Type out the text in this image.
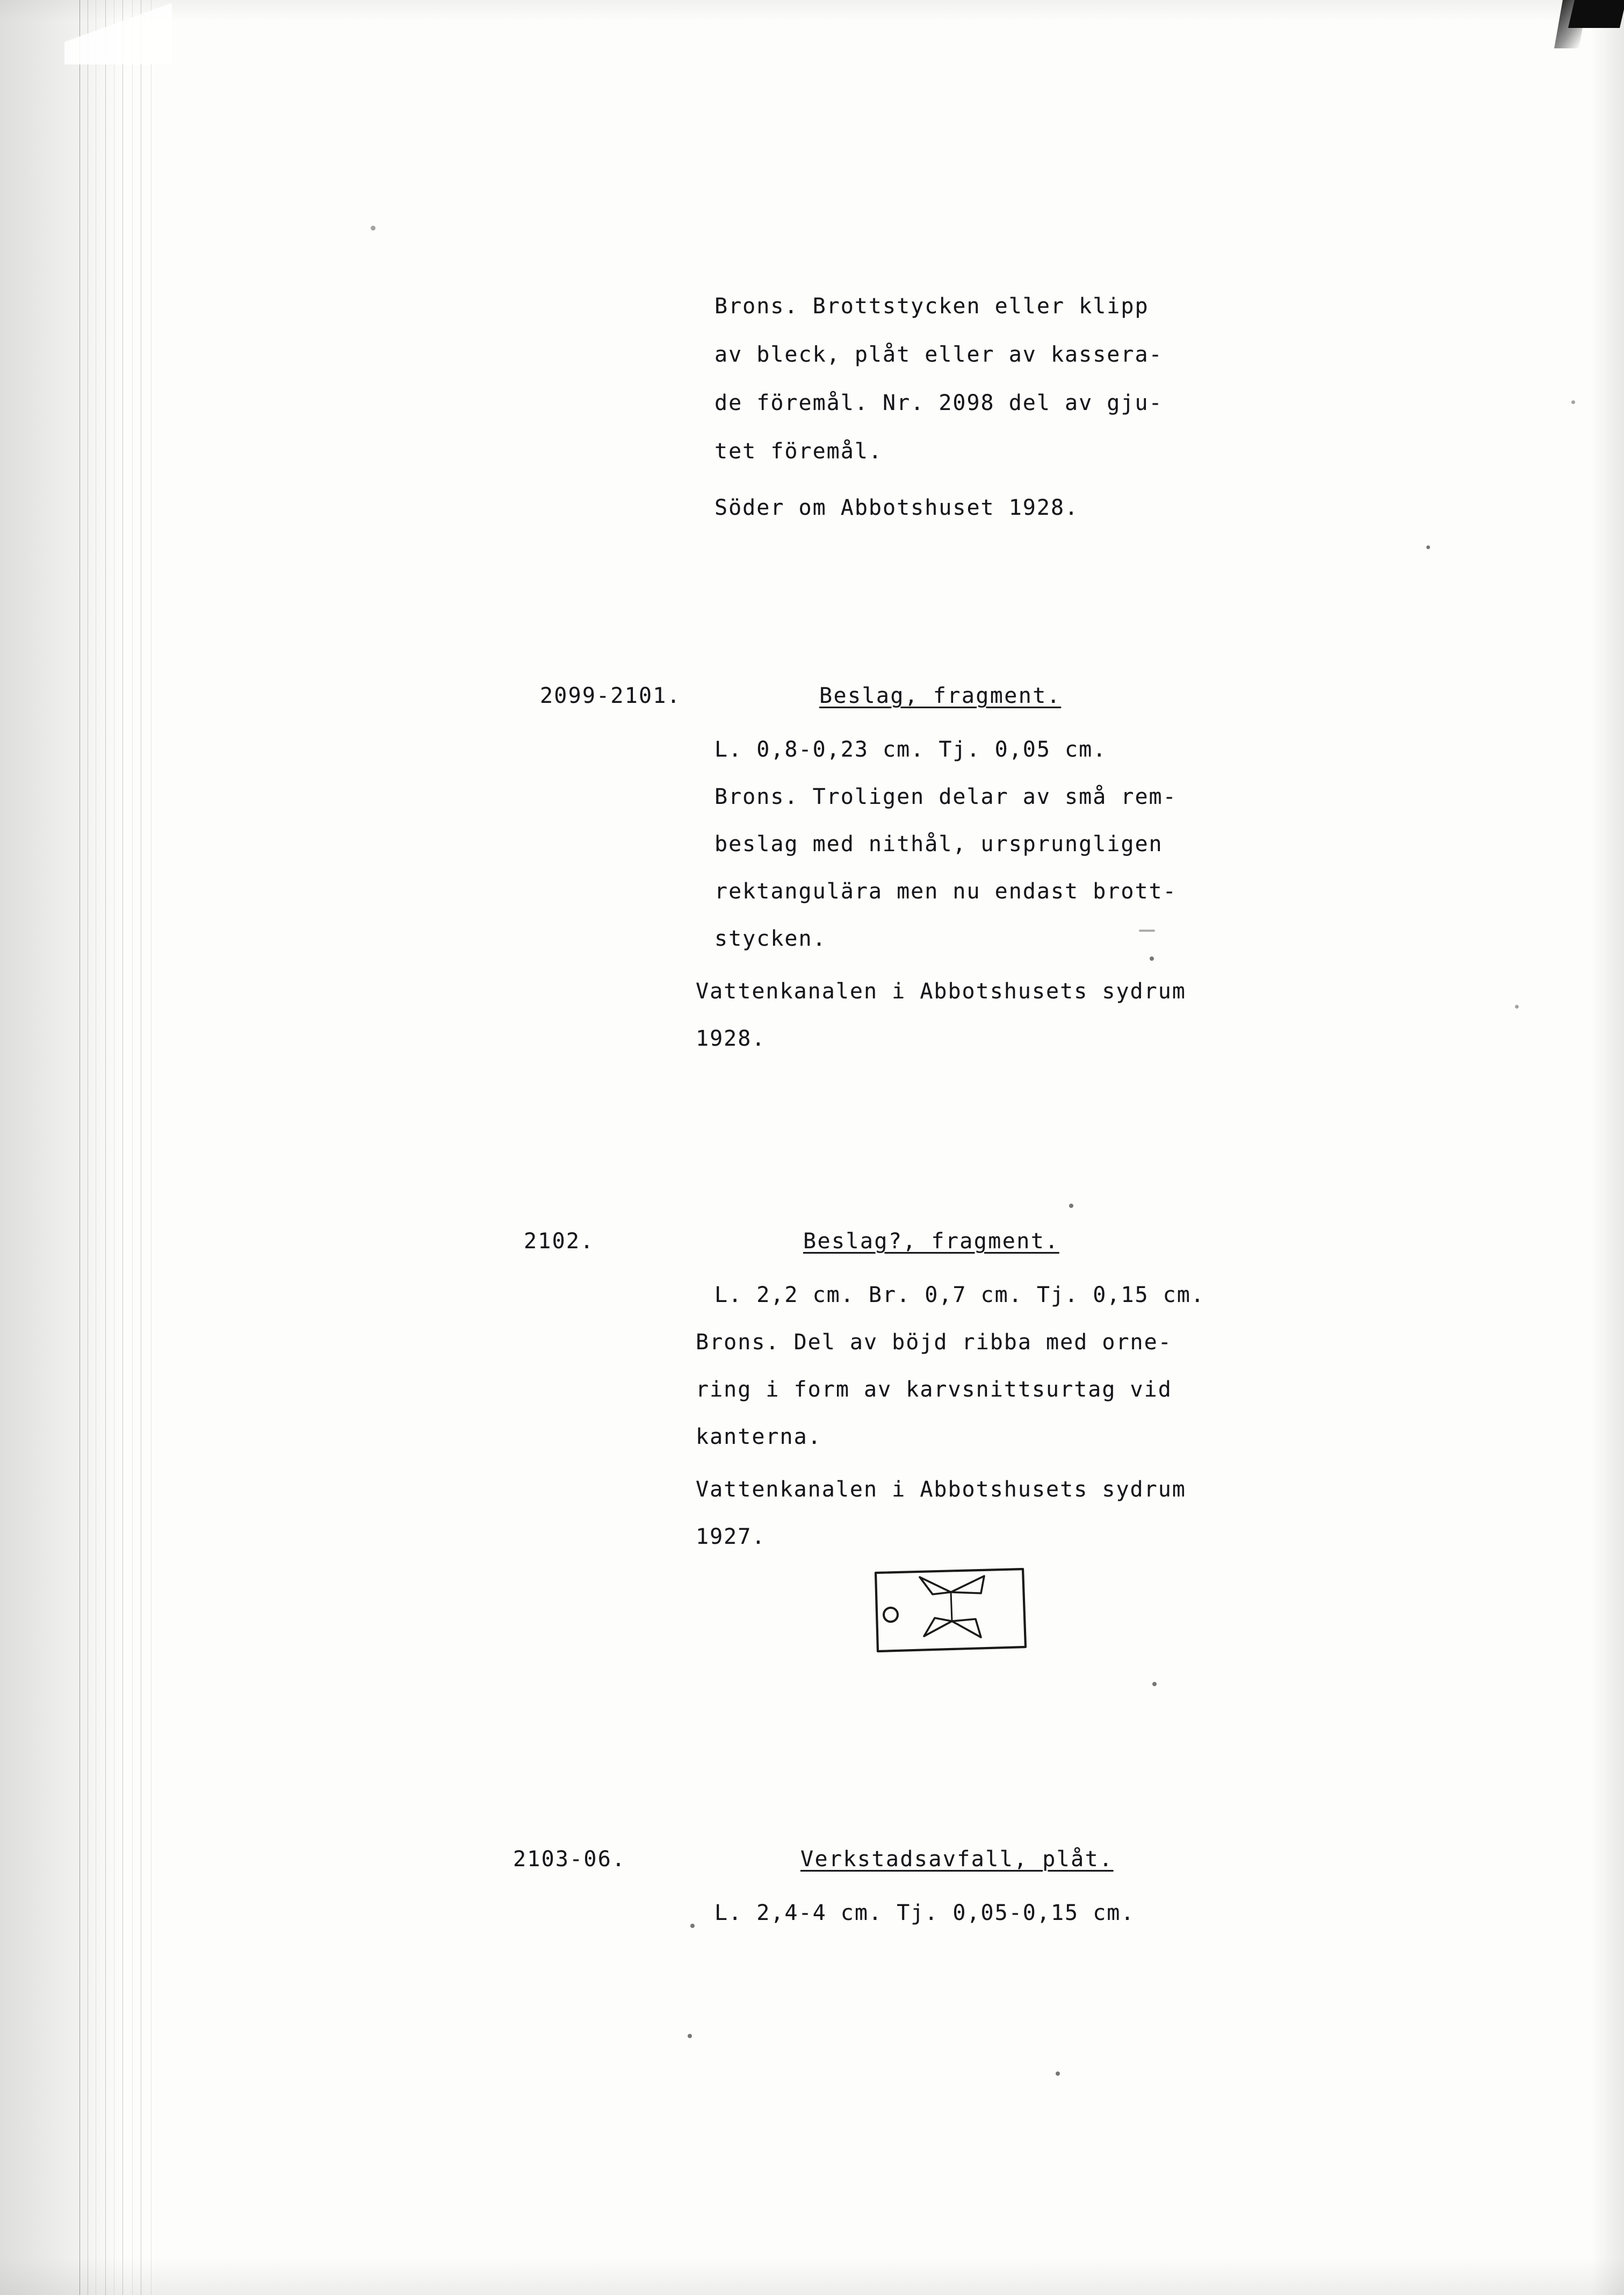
Brons. Brottstycken eller klipp
av bleck, plåt eller av kassera-
de föremål. Nr. 2098 del av gju-
tet föremål.
Söder om Abbotshuset 1928.
2099-2101.	Beslag, fragment.
L. 0,8-0,23 cm. Tj. 0,05 cm.
Brons. Troligen delar av små rem-
beslag med nithål, ursprungligen
rektangulära men nu endast brott-
stycken.
Vattenkanalen i Abbotshusets sydrum
1928.
2102.	Beslag?, fragment.
L. 2,2 cm. Br. 0,7 cm. Tj. 0,15 cm.
Brons. Del av böjd ribba med orne-
ring i form av karvsnittsurtag vid
kanterna.
Vattenkanalen i Abbotshusets sydrum
1927.
2103-06.	Verkstadsavfall, plåt.
L. 2,4-4 cm. Tj. 0,05-0,15 cm.
